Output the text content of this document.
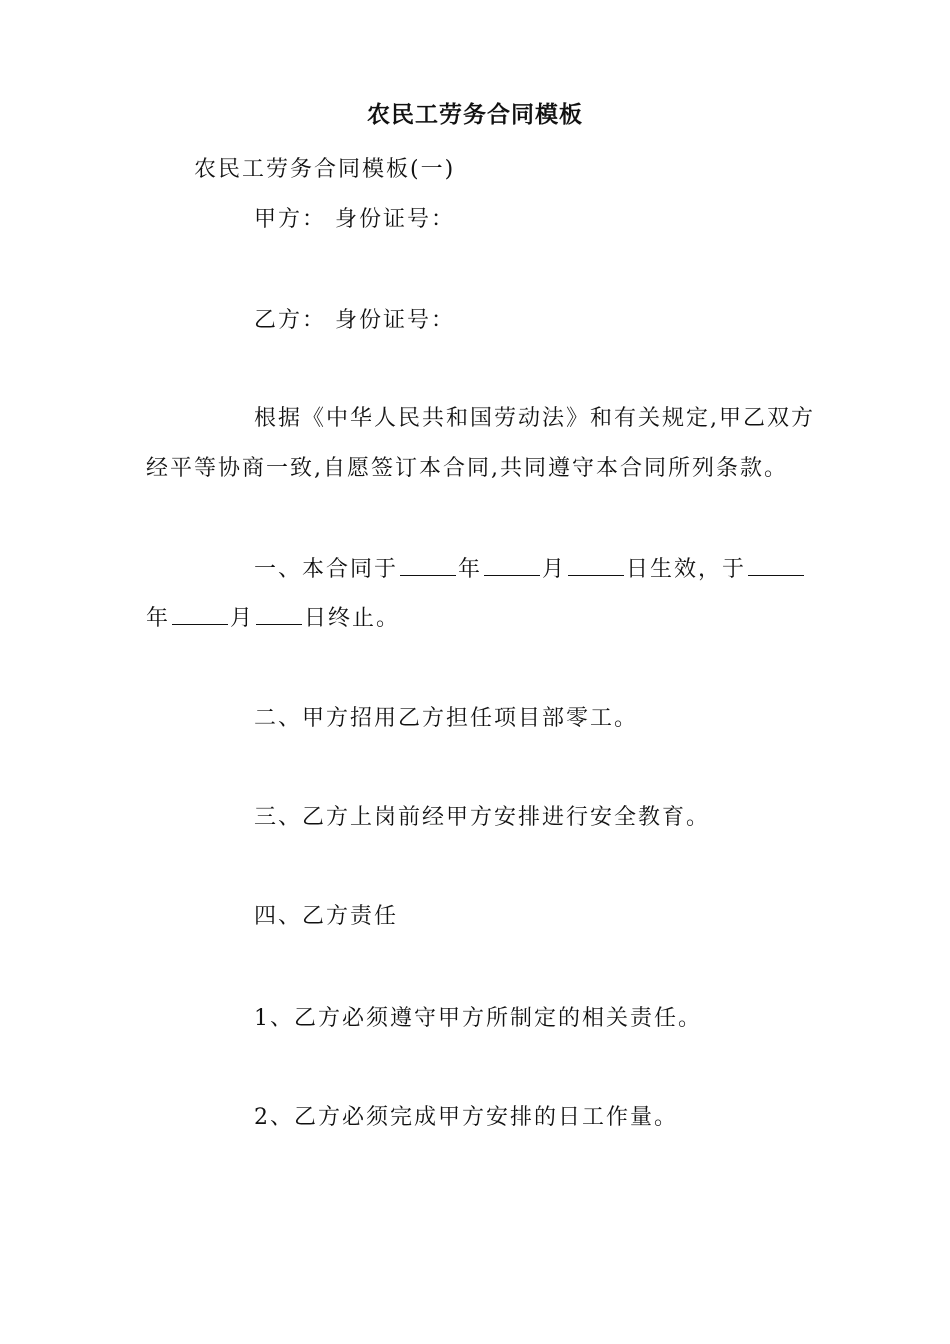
农民工劳务合同模板
农民工劳务合同模板(一)
甲方： 身份证号：
乙方： 身份证号：
根据《中华人民共和国劳动法》和有关规定,甲乙双方
经平等协商一致,自愿签订本合同,共同遵守本合同所列条款。
一、本合同于	年	月	日生效，于
年	月 日终止。
二、甲方招用乙方担任项目部零工。
三、乙方上岗前经甲方安排进行安全教育。
四、乙方责任
1、乙方必须遵守甲方所制定的相关责任。
2、乙方必须完成甲方安排的日工作量。
